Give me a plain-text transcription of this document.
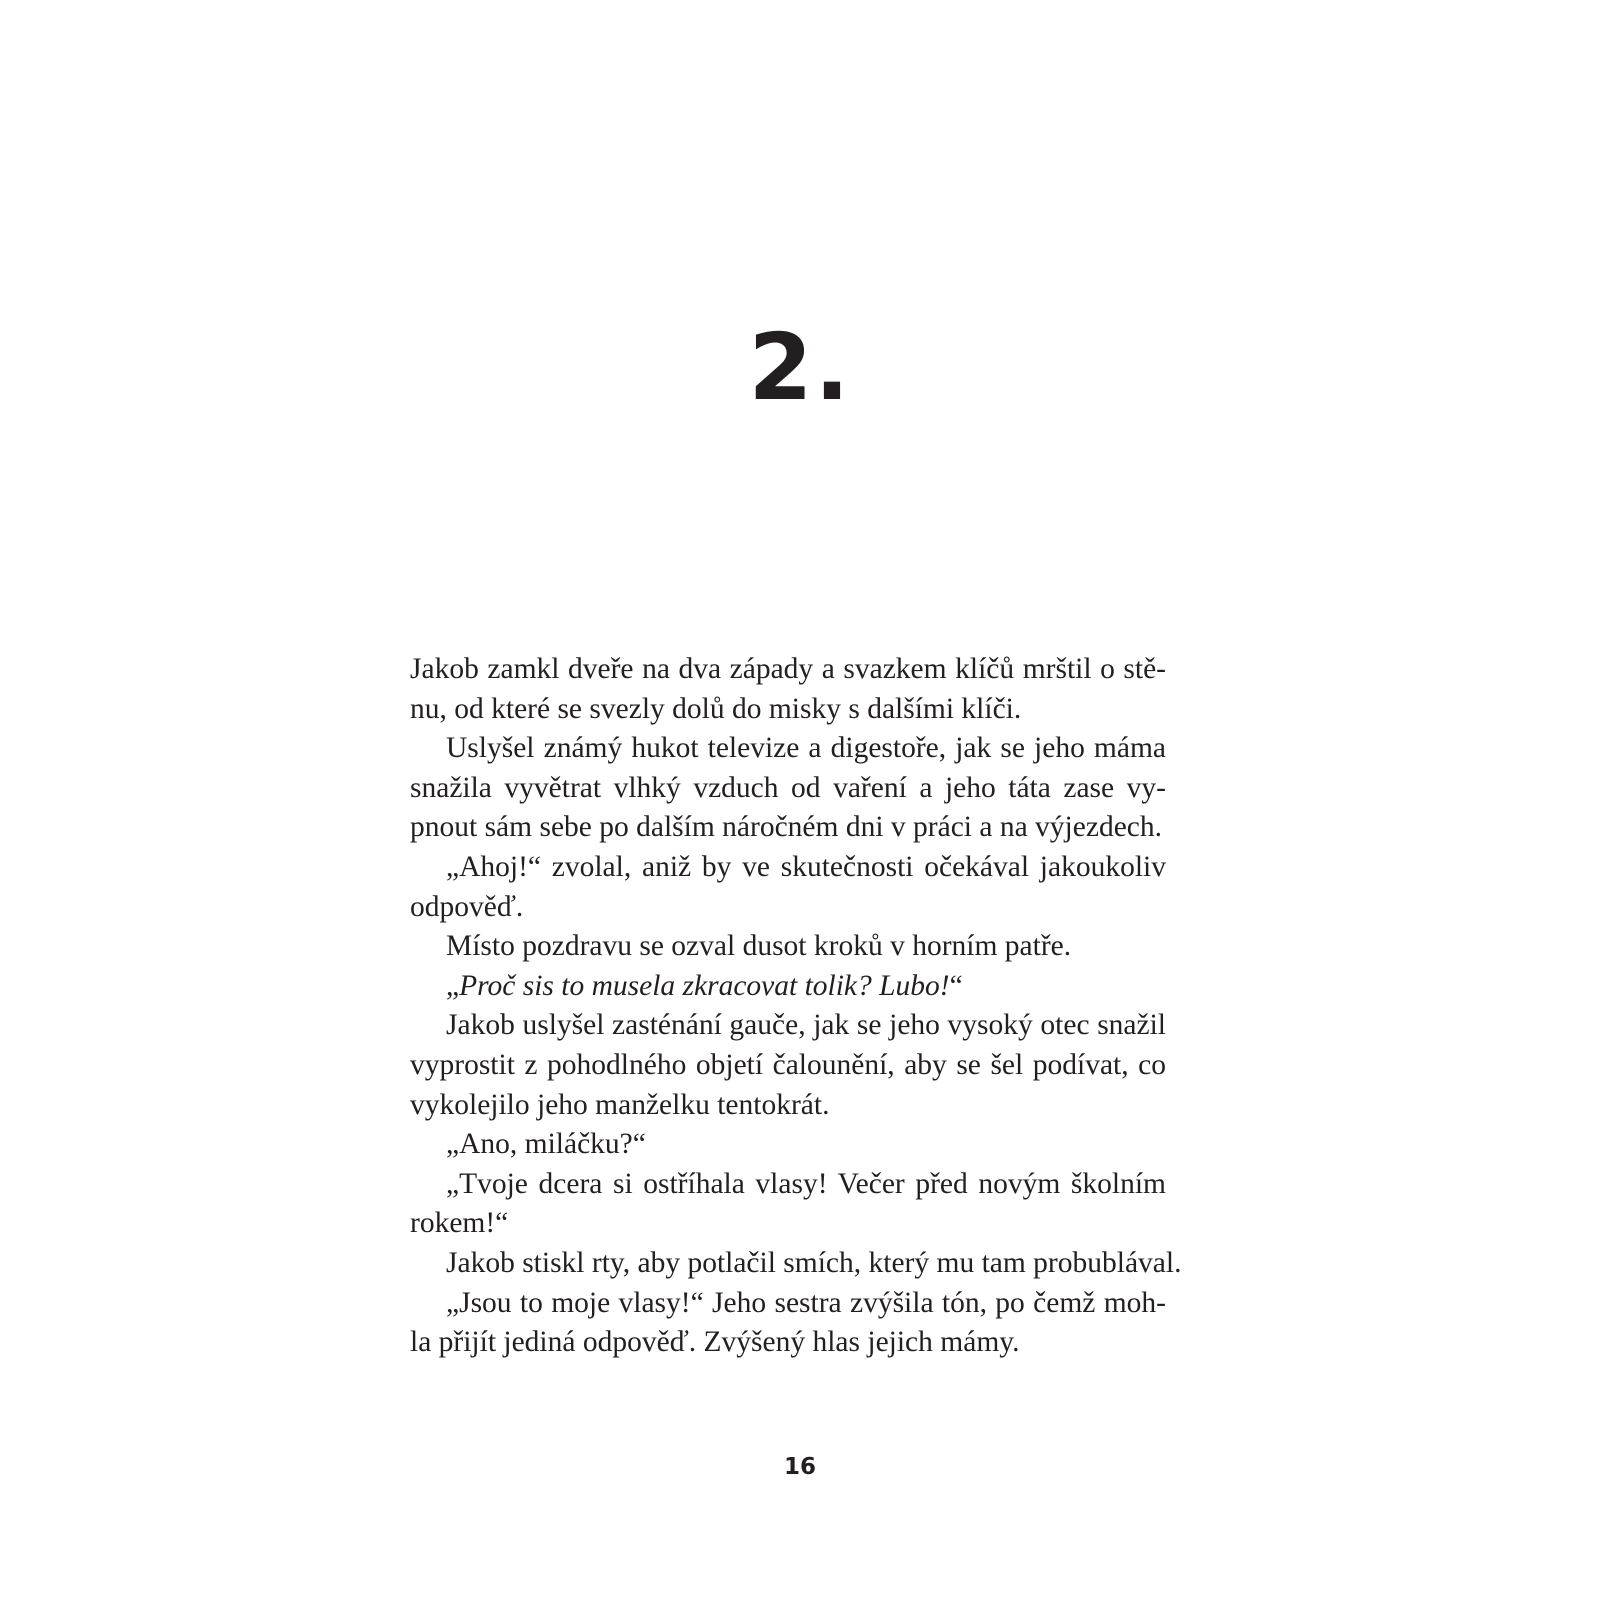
2.
Jakob zamkl dveře na dva západy a svazkem klíčů mrštil o stě-
nu, od které se svezly dolů do misky s dalšími klíči.
Uslyšel známý hukot televize a digestoře, jak se jeho máma
snažila vyvětrat vlhký vzduch od vaření a jeho táta zase vy-
pnout sám sebe po dalším náročném dni v práci a na výjezdech.
„Ahoj!“ zvolal, aniž by ve skutečnosti očekával jakoukoliv
odpověď.
Místo pozdravu se ozval dusot kroků v horním patře.
„Proč sis to musela zkracovat tolik? Lubo!“
Jakob uslyšel zasténání gauče, jak se jeho vysoký otec snažil
vyprostit z pohodlného objetí čalounění, aby se šel podívat, co
vykolejilo jeho manželku tentokrát.
„Ano, miláčku?“
„Tvoje dcera si ostříhala vlasy! Večer před novým školním
rokem!“
Jakob stiskl rty, aby potlačil smích, který mu tam probublával.
„Jsou to moje vlasy!“ Jeho sestra zvýšila tón, po čemž moh-
la přijít jediná odpověď. Zvýšený hlas jejich mámy.
16
